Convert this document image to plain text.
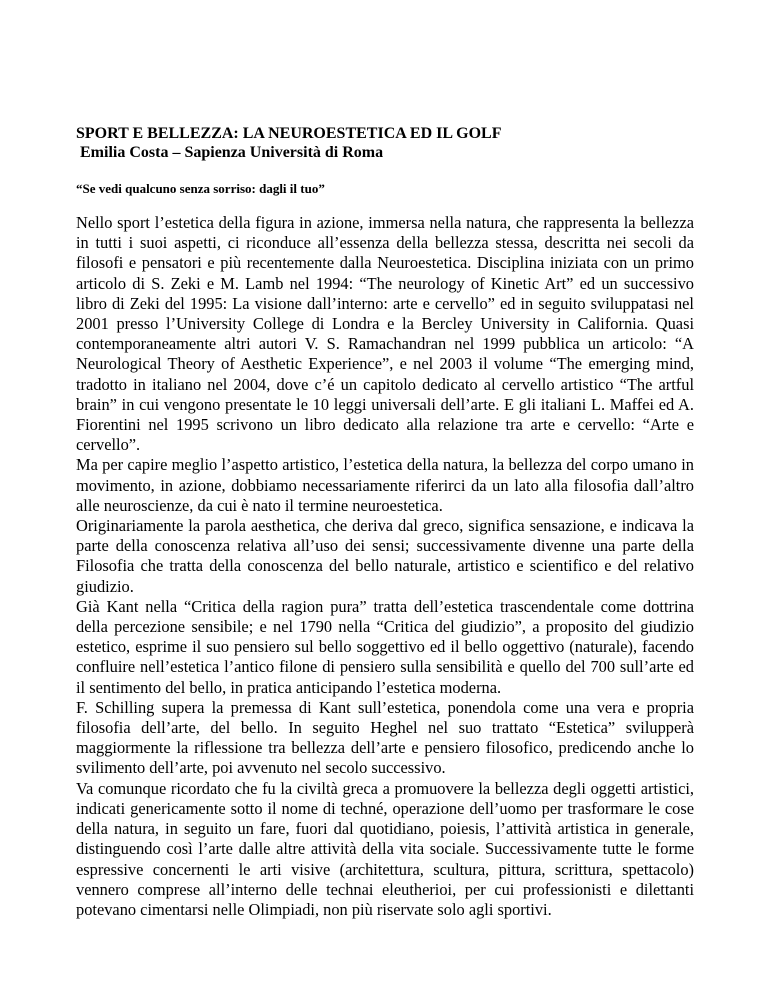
SPORT E BELLEZZA: LA NEUROESTETICA ED IL GOLF
Emilia Costa – Sapienza Università di Roma
“Se vedi qualcuno senza sorriso: dagli il tuo”

Nello sport l’estetica della figura in azione, immersa nella natura, che rappresenta la bellezza in tutti i suoi aspetti, ci riconduce all’essenza della bellezza stessa, descritta nei secoli da filosofi e pensatori e più recentemente dalla Neuroestetica. Disciplina iniziata con un primo articolo di S. Zeki e M. Lamb nel 1994: “The neurology of Kinetic Art” ed un successivo libro di Zeki del 1995: La visione dall’interno: arte e cervello” ed in seguito sviluppatasi nel 2001 presso l’University College di Londra e la Bercley University in California. Quasi contemporaneamente altri autori V. S. Ramachandran nel 1999 pubblica un articolo: “A Neurological Theory of Aesthetic Experience”, e nel 2003 il volume “The emerging mind, tradotto in italiano nel 2004, dove c’é un capitolo dedicato al cervello artistico “The artful brain” in cui vengono presentate le 10 leggi universali dell’arte. E gli italiani L. Maffei ed A. Fiorentini nel 1995 scrivono un libro dedicato alla relazione tra arte e cervello: “Arte e cervello”.

Ma per capire meglio l’aspetto artistico, l’estetica della natura, la bellezza del corpo umano in movimento, in azione, dobbiamo necessariamente riferirci da un lato alla filosofia dall’altro alle neuroscienze, da cui è nato il termine neuroestetica.

Originariamente la parola aesthetica, che deriva dal greco, significa sensazione, e indicava la parte della conoscenza relativa all’uso dei sensi; successivamente divenne una parte della Filosofia che tratta della conoscenza del bello naturale, artistico e scientifico e del relativo giudizio.

Già Kant nella “Critica della ragion pura” tratta dell’estetica trascendentale come dottrina della percezione sensibile; e nel 1790 nella “Critica del giudizio”, a proposito del giudizio estetico, esprime il suo pensiero sul bello soggettivo ed il bello oggettivo (naturale), facendo confluire nell’estetica l’antico filone di pensiero sulla sensibilità e quello del 700 sull’arte ed il sentimento del bello, in pratica anticipando l’estetica moderna.

F. Schilling supera la premessa di Kant sull’estetica, ponendola come una vera e propria filosofia dell’arte, del bello. In seguito Heghel nel suo trattato “Estetica” svilupperà maggiormente la riflessione tra bellezza dell’arte e pensiero filosofico, predicendo anche lo svilimento dell’arte, poi avvenuto nel secolo successivo.

Va comunque ricordato che fu la civiltà greca a promuovere la bellezza degli oggetti artistici, indicati genericamente sotto il nome di techné, operazione dell’uomo per trasformare le cose della natura, in seguito un fare, fuori dal quotidiano, poiesis, l’attività artistica in generale, distinguendo così l’arte dalle altre attività della vita sociale. Successivamente tutte le forme espressive concernenti le arti visive (architettura, scultura, pittura, scrittura, spettacolo) vennero comprese all’interno delle technai eleutherioi, per cui professionisti e dilettanti potevano cimentarsi nelle Olimpiadi, non più riservate solo agli sportivi.
